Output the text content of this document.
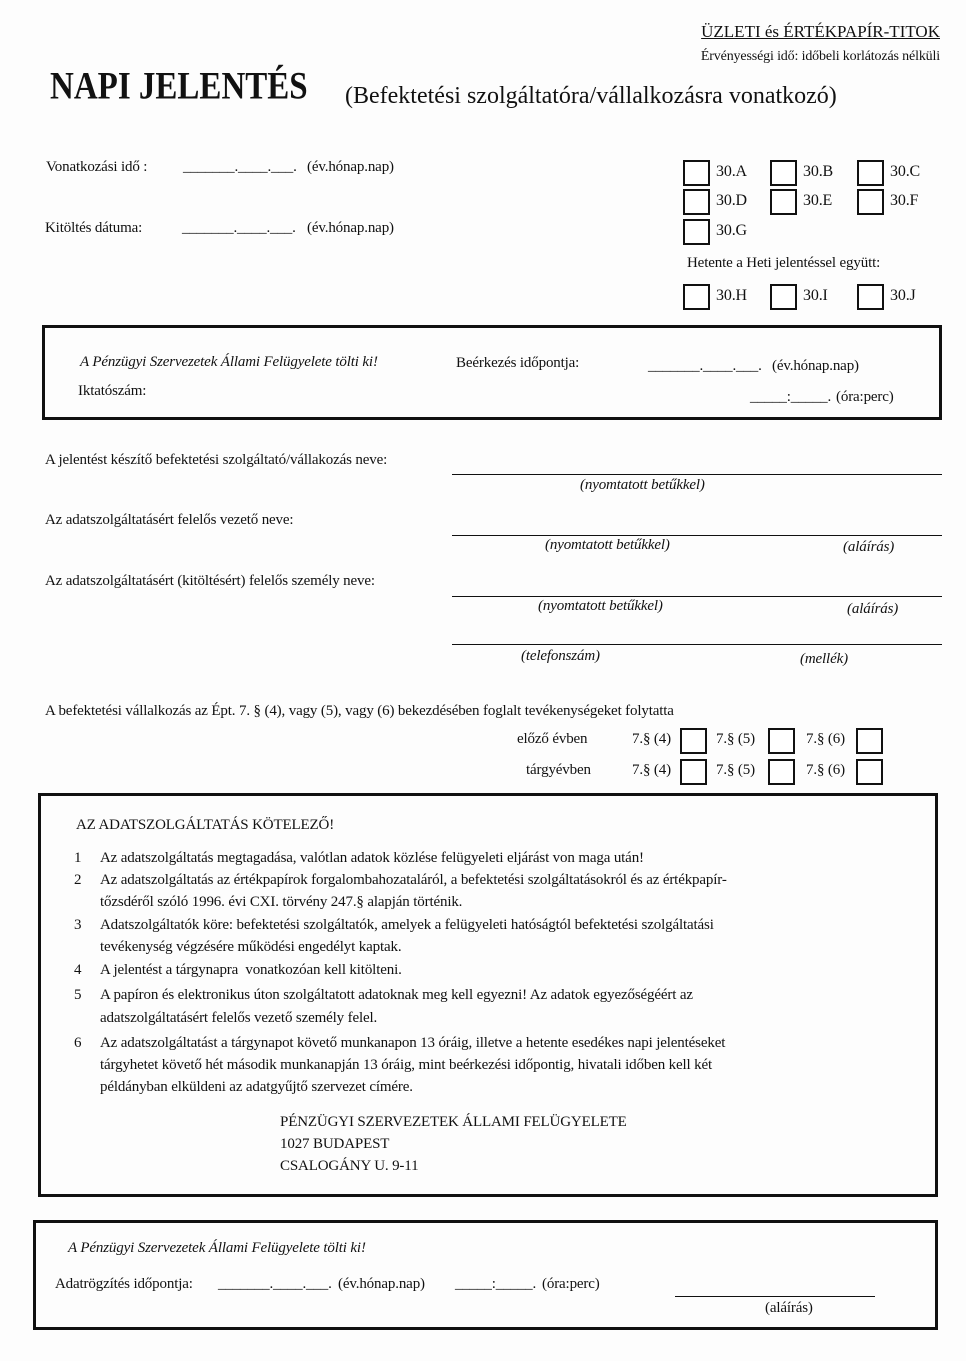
ÜZLETI és ÉRTÉKPAPÍR-TITOK
Érvényességi idő: időbeli korlátozás nélküli
NAPI JELENTÉS (Befektetési szolgáltatóra/vállalkozásra vonatkozó)
Vonatkozási idő : _______.____.___. (év.hónap.nap)
Kitöltés dátuma:	_______.____.___. (év.hónap.nap)
30.A	30.B	30.C
30.D	30.E	30.F
30.G
Hetente a Heti jelentéssel együtt:
30.H	30.I	30.J
A Pénzügyi Szervezetek Állami Felügyelete tölti ki!	Beérkezés időpontja:	_______.____.___. (év.hónap.nap)
Iktatószám:	_____:_____. (óra:perc)
A jelentést készítő befektetési szolgáltató/vállakozás neve:
(nyomtatott betűkkel)
Az adatszolgáltatásért felelős vezető neve:
(nyomtatott betűkkel)	(aláírás)
Az adatszolgáltatásért (kitöltésért) felelős személy neve:
(nyomtatott betűkkel)	(aláírás)
(telefonszám)	(mellék)
A befektetési vállalkozás az Épt. 7. § (4), vagy (5), vagy (6) bekezdésében foglalt tevékenységeket folytatta
előző évben	7.§ (4)	7.§ (5)	7.§ (6)
tárgyévben	7.§ (4)	7.§ (5)	7.§ (6)
AZ ADATSZOLGÁLTATÁS KÖTELEZŐ!
1 Az adatszolgáltatás megtagadása, valótlan adatok közlése felügyeleti eljárást von maga után!
2 Az adatszolgáltatás az értékpapírok forgalombahozataláról, a befektetési szolgáltatásokról és az értékpapír-
tőzsdéről szóló 1996. évi CXI. törvény 247.§ alapján történik.
3 Adatszolgáltatók köre: befektetési szolgáltatók, amelyek a felügyeleti hatóságtól befektetési szolgáltatási
tevékenység végzésére működési engedélyt kaptak.
4 A jelentést a tárgynapra  vonatkozóan kell kitölteni.
5 A papíron és elektronikus úton szolgáltatott adatoknak meg kell egyezni! Az adatok egyezőségéért az
adatszolgáltatásért felelős vezető személy felel.
6 Az adatszolgáltatást a tárgynapot követő munkanapon 13 óráig, illetve a hetente esedékes napi jelentéseket
tárgyhetet követő hét második munkanapján 13 óráig, mint beérkezési időpontig, hivatali időben kell két
példányban elküldeni az adatgyűjtő szervezet címére.
PÉNZÜGYI SZERVEZETEK ÁLLAMI FELÜGYELETE
1027 BUDAPEST
CSALOGÁNY U. 9-11
A Pénzügyi Szervezetek Állami Felügyelete tölti ki!
Adatrögzítés időpontja: _______.____.___. (év.hónap.nap) _____:_____. (óra:perc)
(aláírás)
